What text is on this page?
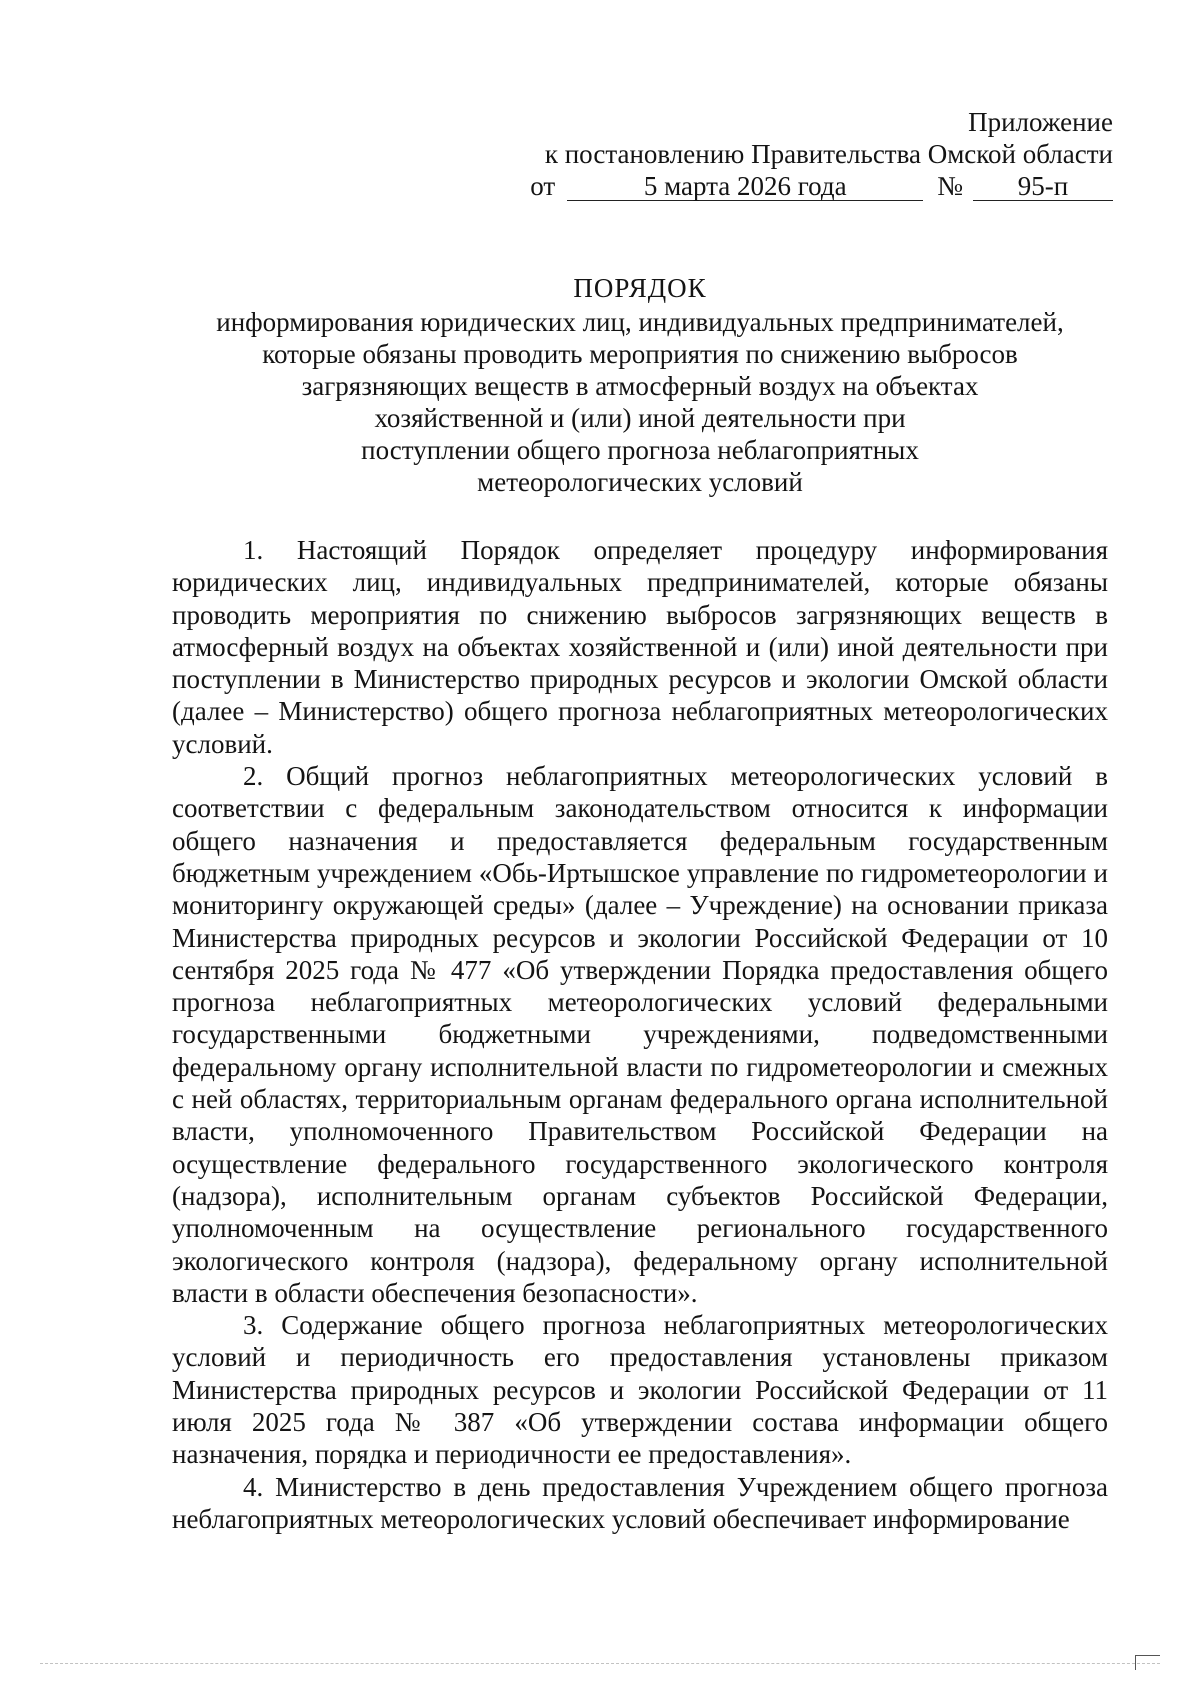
Приложение
к постановлению Правительства Омской области
от	5 марта 2026 года	№	95-п
ПОРЯДОК
информирования юридических лиц, индивидуальных предпринимателей,
которые обязаны проводить мероприятия по снижению выбросов
загрязняющих веществ в атмосферный воздух на объектах
хозяйственной и (или) иной деятельности при
поступлении общего прогноза неблагоприятных
метеорологических условий

1. Настоящий Порядок определяет процедуру информирования юридических лиц, индивидуальных предпринимателей, которые обязаны проводить мероприятия по снижению выбросов загрязняющих веществ в атмосферный воздух на объектах хозяйственной и (или) иной деятельности при поступлении в Министерство природных ресурсов и экологии Омской области (далее – Министерство) общего прогноза неблагоприятных метеорологических условий.

2. Общий прогноз неблагоприятных метеорологических условий в соответствии с федеральным законодательством относится к информации общего назначения и предоставляется федеральным государственным бюджетным учреждением «Обь-Иртышское управление по гидрометеорологии и мониторингу окружающей среды» (далее – Учреждение) на основании приказа Министерства природных ресурсов и экологии Российской Федерации от 10 сентября 2025 года № 477 «Об утверждении Порядка предоставления общего прогноза неблагоприятных метеорологических условий федеральными государственными бюджетными учреждениями, подведомственными федеральному органу исполнительной власти по гидрометеорологии и смежных с ней областях, территориальным органам федерального органа исполнительной власти, уполномоченного Правительством Российской Федерации на осуществление федерального государственного экологического контроля (надзора), исполнительным органам субъектов Российской Федерации, уполномоченным на осуществление регионального государственного экологического контроля (надзора), федеральному органу исполнительной власти в области обеспечения безопасности».

3. Содержание общего прогноза неблагоприятных метеорологических условий и периодичность его предоставления установлены приказом Министерства природных ресурсов и экологии Российской Федерации от 11 июля 2025 года № 387 «Об утверждении состава информации общего назначения, порядка и периодичности ее предоставления».

4. Министерство в день предоставления Учреждением общего прогноза неблагоприятных метеорологических условий обеспечивает информирование
